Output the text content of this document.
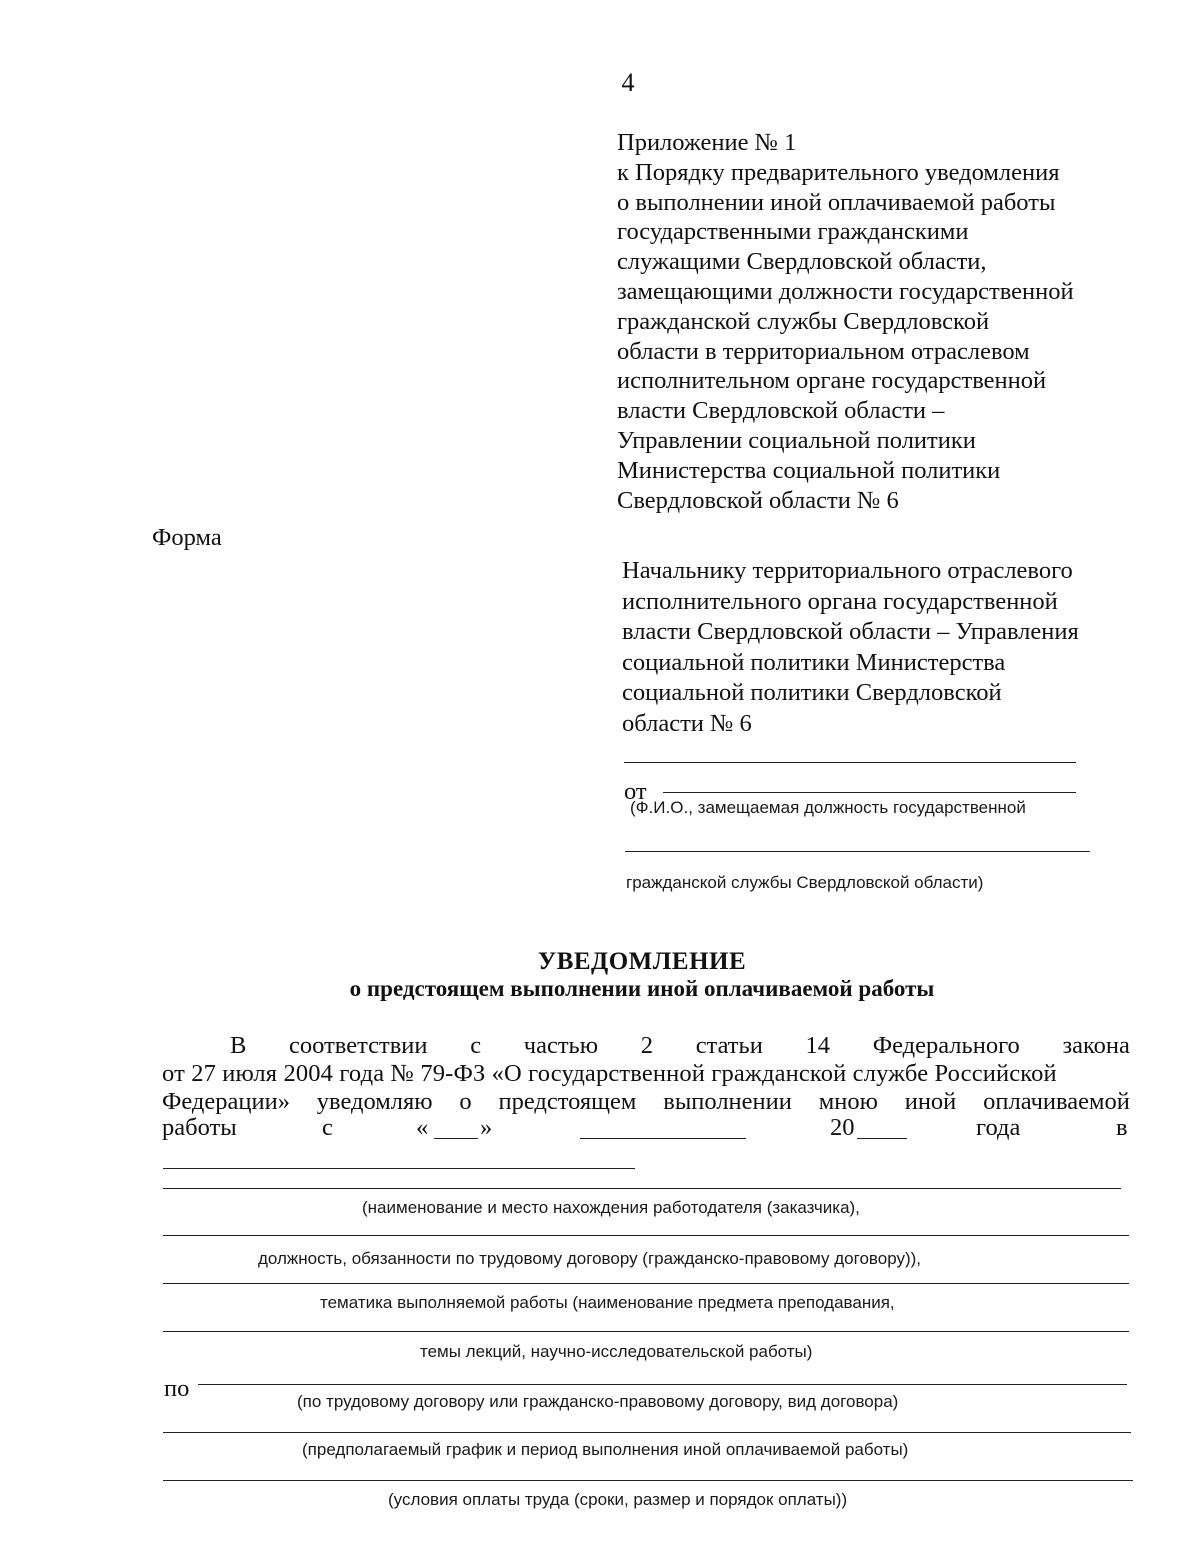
4
Приложение № 1
к Порядку предварительного уведомления
о выполнении иной оплачиваемой работы
государственными гражданскими
служащими Свердловской области,
замещающими должности государственной
гражданской службы Свердловской
области в территориальном отраслевом
исполнительном органе государственной
власти Свердловской области –
Управлении социальной политики
Министерства социальной политики
Свердловской области № 6
Форма
Начальнику территориального отраслевого
исполнительного органа государственной
власти Свердловской области – Управления
социальной политики Министерства
социальной политики Свердловской
области № 6
от
(Ф.И.О., замещаемая должность государственной
гражданской службы Свердловской области)
УВЕДОМЛЕНИЕ
о предстоящем выполнении иной оплачиваемой работы
В соответствии с частью 2 статьи 14 Федерального закона
от 27 июля 2004 года № 79-ФЗ «О государственной гражданской службе Российской
Федерации» уведомляю о предстоящем выполнении мною иной оплачиваемой
работы	с	« »	20	года	в
(наименование и место нахождения работодателя (заказчика),
должность, обязанности по трудовому договору (гражданско-правовому договору)),
тематика выполняемой работы (наименование предмета преподавания,
темы лекций, научно-исследовательской работы)
по	(по трудовому договору или гражданско-правовому договору, вид договора)
(предполагаемый график и период выполнения иной оплачиваемой работы)
(условия оплаты труда (сроки, размер и порядок оплаты))
